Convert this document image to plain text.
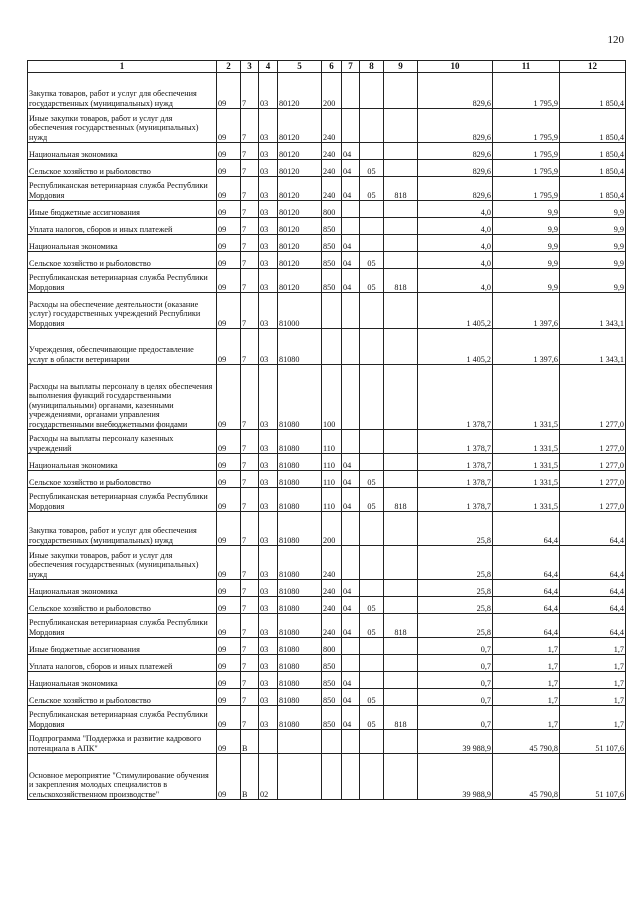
120
1	2	3	4	5	6	7	8	9	10	11	12
Закупка товаров, работ и услуг для обеспечения государственных (муниципальных) нужд	09	7	03	80120	200				829,6	1 795,9	1 850,4
Иные закупки товаров, работ и услуг для обеспечения государственных (муниципальных) нужд	09	7	03	80120	240				829,6	1 795,9	1 850,4
Национальная экономика	09	7	03	80120	240	04			829,6	1 795,9	1 850,4
Сельское хозяйство и рыболовство	09	7	03	80120	240	04	05		829,6	1 795,9	1 850,4
Республиканская ветеринарная служба Республики Мордовия	09	7	03	80120	240	04	05	818	829,6	1 795,9	1 850,4
Иные бюджетные ассигнования	09	7	03	80120	800				4,0	9,9	9,9
Уплата налогов, сборов и иных платежей	09	7	03	80120	850				4,0	9,9	9,9
Национальная экономика	09	7	03	80120	850	04			4,0	9,9	9,9
Сельское хозяйство и рыболовство	09	7	03	80120	850	04	05		4,0	9,9	9,9
Республиканская ветеринарная служба Республики Мордовия	09	7	03	80120	850	04	05	818	4,0	9,9	9,9
Расходы на обеспечение деятельности (оказание услуг) государственных учреждений Республики Мордовия	09	7	03	81000					1 405,2	1 397,6	1 343,1
Учреждения, обеспечивающие предоставление услуг в области ветеринарии	09	7	03	81080					1 405,2	1 397,6	1 343,1
Расходы на выплаты персоналу в целях обеспечения выполнения функций государственными (муниципальными) органами, казенными учреждениями, органами управления государственными внебюджетными фондами	09	7	03	81080	100				1 378,7	1 331,5	1 277,0
Расходы на выплаты персоналу казенных учреждений	09	7	03	81080	110				1 378,7	1 331,5	1 277,0
Национальная экономика	09	7	03	81080	110	04			1 378,7	1 331,5	1 277,0
Сельское хозяйство и рыболовство	09	7	03	81080	110	04	05		1 378,7	1 331,5	1 277,0
Республиканская ветеринарная служба Республики Мордовия	09	7	03	81080	110	04	05	818	1 378,7	1 331,5	1 277,0
Закупка товаров, работ и услуг для обеспечения государственных (муниципальных) нужд	09	7	03	81080	200				25,8	64,4	64,4
Иные закупки товаров, работ и услуг для обеспечения государственных (муниципальных) нужд	09	7	03	81080	240				25,8	64,4	64,4
Национальная экономика	09	7	03	81080	240	04			25,8	64,4	64,4
Сельское хозяйство и рыболовство	09	7	03	81080	240	04	05		25,8	64,4	64,4
Республиканская ветеринарная служба Республики Мордовия	09	7	03	81080	240	04	05	818	25,8	64,4	64,4
Иные бюджетные ассигнования	09	7	03	81080	800				0,7	1,7	1,7
Уплата налогов, сборов и иных платежей	09	7	03	81080	850				0,7	1,7	1,7
Национальная экономика	09	7	03	81080	850	04			0,7	1,7	1,7
Сельское хозяйство и рыболовство	09	7	03	81080	850	04	05		0,7	1,7	1,7
Республиканская ветеринарная служба Республики Мордовия	09	7	03	81080	850	04	05	818	0,7	1,7	1,7
Подпрограмма "Поддержка и развитие кадрового потенциала в АПК"	09	В							39 988,9	45 790,8	51 107,6
Основное мероприятие "Стимулирование обучения и закрепления молодых специалистов в сельскохозяйственном производстве"	09	В	02						39 988,9	45 790,8	51 107,6
